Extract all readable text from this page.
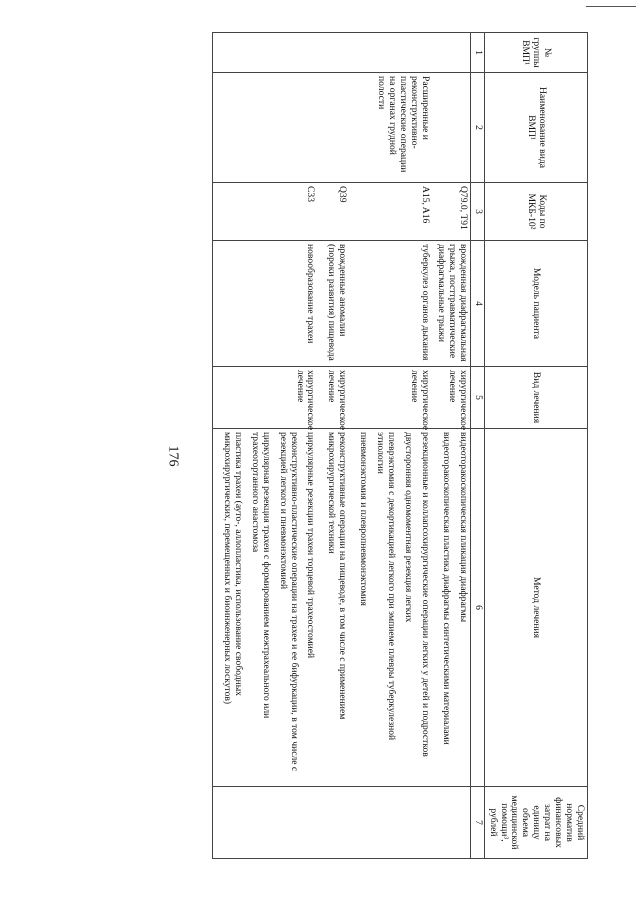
176
№ группы ВМП¹	Наименование вида ВМП¹	Коды по МКБ-10²	Модель пациента	Вид лечения	Метод лечения	Средний норматив финансовых затрат на единицу объема медицинской помощи³, рублей
1	2	3	4	5	6	7
		Q79.0, T91	врожденная диафрагмальная грыжа, посттравматические диафрагмальные грыжи	хирургическое лечение	видеоторакоскопическая пликация диафрагмы

видеоторакоскопическая пластика диафрагмы синтетическими материалами	

	Расширенные и реконструктивно-пластические операции на органах грудной полости	A15, A16	туберкулез органов дыхания	хирургическое лечение	резекционные и коллапсохирургические операции легких у детей и подростков

двусторонняя одномоментная резекция легких

плеврэктомия с декортикацией легкого при эмпиеме плевры туберкулезной этиологии

пневмонэктомия и плевропневмонэктомия	

		Q39	врожденные аномалии (пороки развития) пищевода	хирургическое лечение	реконструктивные операции на пищеводе, в том числе с применением микрохирургической техники	

		C33	новообразование трахеи	хирургическое лечение	циркулярные резекции трахеи торцевой трахеостомией

реконструктивно-пластические операции на трахее и ее бифуркации, в том числе с резекцией легкого и пневмонэктомией

циркулярная резекция трахеи с формированием межтрахеального или трахеогортанного анастомоза

пластика трахеи (ауто-, аллопластика, использование свободных микрохирургических, перемещенных и биоинженерных лоскутов)	
